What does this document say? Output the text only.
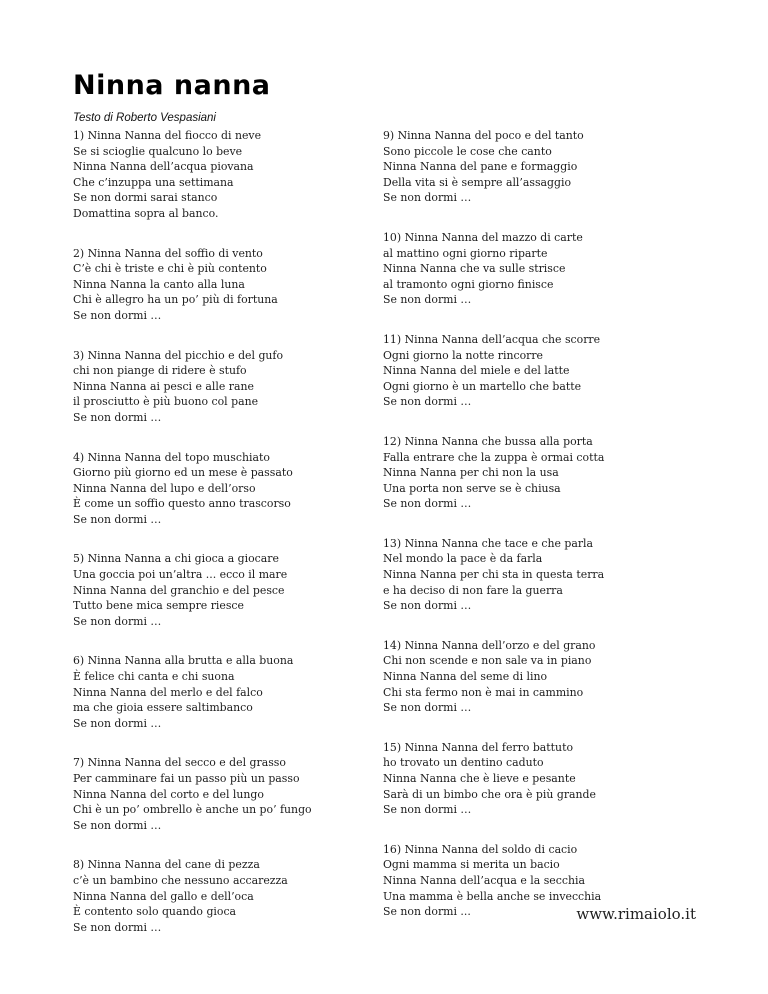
Ninna nanna
Testo di Roberto Vespasiani

1) Ninna Nanna del fiocco di neve
Se si scioglie qualcuno lo beve
Ninna Nanna dell’acqua piovana
Che c’inzuppa una settimana
Se non dormi sarai stanco
Domattina sopra al banco.

2) Ninna Nanna del soffio di vento
C’è chi è triste e chi è più contento
Ninna Nanna la canto alla luna
Chi è allegro ha un po’ più di fortuna
Se non dormi …

3) Ninna Nanna del picchio e del gufo
chi non piange di ridere è stufo
Ninna Nanna ai pesci e alle rane
il prosciutto è più buono col pane
Se non dormi …

4) Ninna Nanna del topo muschiato
Giorno più giorno ed un mese è passato
Ninna Nanna del lupo e dell’orso
È come un soffio questo anno trascorso
Se non dormi …

5) Ninna Nanna a chi gioca a giocare
Una goccia poi un’altra ... ecco il mare
Ninna Nanna del granchio e del pesce
Tutto bene mica sempre riesce
Se non dormi …

6) Ninna Nanna alla brutta e alla buona
È felice chi canta e chi suona
Ninna Nanna del merlo e del falco
ma che gioia essere saltimbanco
Se non dormi …

7) Ninna Nanna del secco e del grasso
Per camminare fai un passo più un passo
Ninna Nanna del corto e del lungo
Chi è un po’ ombrello è anche un po’ fungo
Se non dormi …

8) Ninna Nanna del cane di pezza
c’è un bambino che nessuno accarezza
Ninna Nanna del gallo e dell’oca
È contento solo quando gioca
Se non dormi …

9) Ninna Nanna del poco e del tanto
Sono piccole le cose che canto
Ninna Nanna del pane e formaggio
Della vita si è sempre all’assaggio
Se non dormi …

10) Ninna Nanna del mazzo di carte
al mattino ogni giorno riparte
Ninna Nanna che va sulle strisce
al tramonto ogni giorno finisce
Se non dormi …

11) Ninna Nanna dell’acqua che scorre
Ogni giorno la notte rincorre
Ninna Nanna del miele e del latte
Ogni giorno è un martello che batte
Se non dormi …

12) Ninna Nanna che bussa alla porta
Falla entrare che la zuppa è ormai cotta
Ninna Nanna per chi non la usa
Una porta non serve se è chiusa
Se non dormi …

13) Ninna Nanna che tace e che parla
Nel mondo la pace è da farla
Ninna Nanna per chi sta in questa terra
e ha deciso di non fare la guerra
Se non dormi …

14) Ninna Nanna dell’orzo e del grano
Chi non scende e non sale va in piano
Ninna Nanna del seme di lino
Chi sta fermo non è mai in cammino
Se non dormi …

15) Ninna Nanna del ferro battuto
ho trovato un dentino caduto
Ninna Nanna che è lieve e pesante
Sarà di un bimbo che ora è più grande
Se non dormi …

16) Ninna Nanna del soldo di cacio
Ogni mamma si merita un bacio
Ninna Nanna dell’acqua e la secchia
Una mamma è bella anche se invecchia
Se non dormi ...	www.rimaiolo.it
